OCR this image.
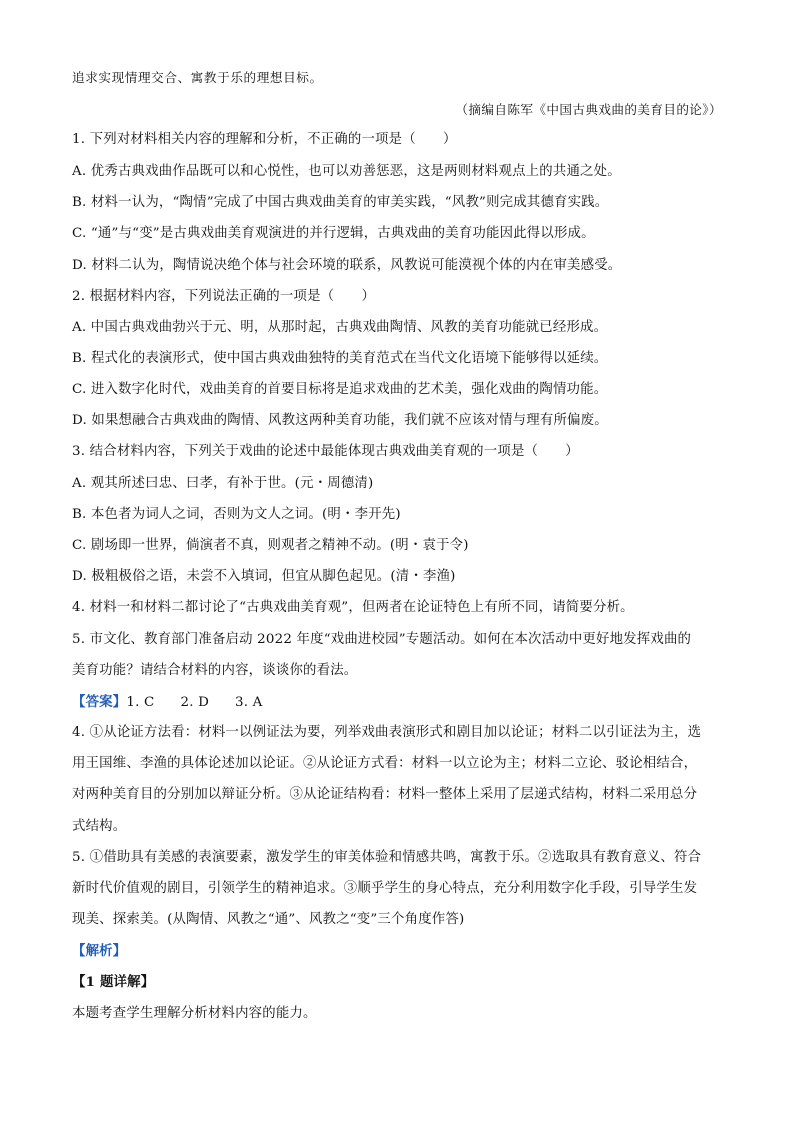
追求实现情理交合、寓教于乐的理想目标。
（摘编自陈军《中国古典戏曲的美育目的论》）
1. 下列对材料相关内容的理解和分析，不正确的一项是（　　）
A. 优秀古典戏曲作品既可以和心悦性，也可以劝善惩恶，这是两则材料观点上的共通之处。
B. 材料一认为，“陶情”完成了中国古典戏曲美育的审美实践，“风教”则完成其德育实践。
C. “通”与“变”是古典戏曲美育观演进的并行逻辑，古典戏曲的美育功能因此得以形成。
D. 材料二认为，陶情说决绝个体与社会环境的联系，风教说可能漠视个体的内在审美感受。
2. 根据材料内容，下列说法正确的一项是（　　）
A. 中国古典戏曲勃兴于元、明，从那时起，古典戏曲陶情、风教的美育功能就已经形成。
B. 程式化的表演形式，使中国古典戏曲独特的美育范式在当代文化语境下能够得以延续。
C. 进入数字化时代，戏曲美育的首要目标将是追求戏曲的艺术美，强化戏曲的陶情功能。
D. 如果想融合古典戏曲的陶情、风教这两种美育功能，我们就不应该对情与理有所偏废。
3. 结合材料内容，下列关于戏曲的论述中最能体现古典戏曲美育观的一项是（　　）
A. 观其所述曰忠、曰孝，有补于世。(元・周德清)
B. 本色者为词人之词，否则为文人之词。(明・李开先)
C. 剧场即一世界，倘演者不真，则观者之精神不动。(明・袁于令)
D. 极粗极俗之语，未尝不入填词，但宜从脚色起见。(清・李渔)
4. 材料一和材料二都讨论了“古典戏曲美育观”，但两者在论证特色上有所不同，请简要分析。
5. 市文化、教育部门准备启动 2022 年度“戏曲进校园”专题活动。如何在本次活动中更好地发挥戏曲的
美育功能？请结合材料的内容，谈谈你的看法。
【答案】1. C 2. D 3. A
4. ①从论证方法看：材料一以例证法为要，列举戏曲表演形式和剧目加以论证；材料二以引证法为主，选
用王国维、李渔的具体论述加以论证。②从论证方式看：材料一以立论为主；材料二立论、驳论相结合，
对两种美育目的分别加以辩证分析。③从论证结构看：材料一整体上采用了层递式结构，材料二采用总分
式结构。
5. ①借助具有美感的表演要素，激发学生的审美体验和情感共鸣，寓教于乐。②选取具有教育意义、符合
新时代价值观的剧目，引领学生的精神追求。③顺乎学生的身心特点，充分利用数字化手段，引导学生发
现美、探索美。(从陶情、风教之“通”、风教之“变”三个角度作答)
【解析】
【1 题详解】
本题考查学生理解分析材料内容的能力。
